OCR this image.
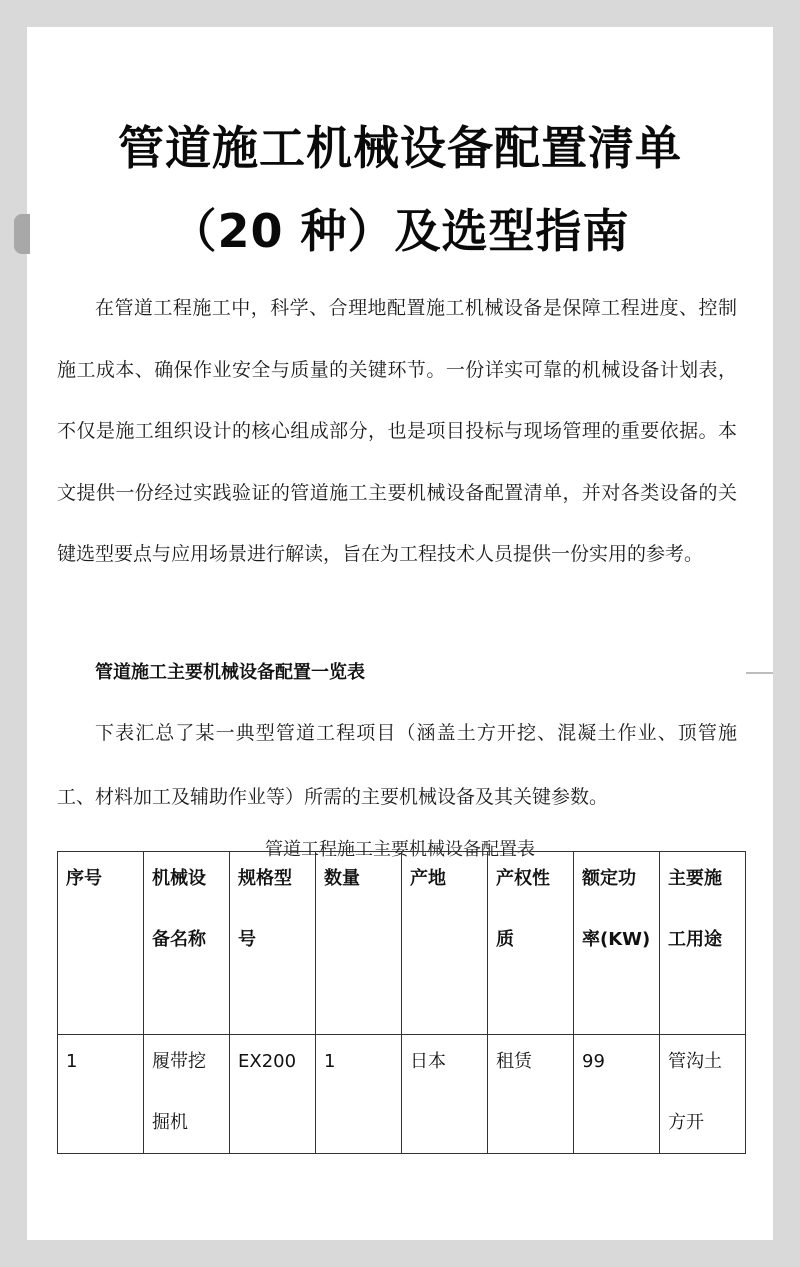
管道施工机械设备配置清单
（20 种）及选型指南

在管道工程施工中，科学、合理地配置施工机械设备是保障工程进度、控制施工成本、确保作业安全与质量的关键环节。一份详实可靠的机械设备计划表，不仅是施工组织设计的核心组成部分，也是项目投标与现场管理的重要依据。本文提供一份经过实践验证的管道施工主要机械设备配置清单，并对各类设备的关键选型要点与应用场景进行解读，旨在为工程技术人员提供一份实用的参考。

管道施工主要机械设备配置一览表

下表汇总了某一典型管道工程项目（涵盖土方开挖、混凝土作业、顶管施工、材料加工及辅助作业等）所需的主要机械设备及其关键参数。

管道工程施工主要机械设备配置表
序号	机械设备名称	规格型号	数量	产地	产权性质	额定功率(KW)	主要施工用途

1	履带挖掘机	EX200	1	日本	租赁	99	管沟土方开
